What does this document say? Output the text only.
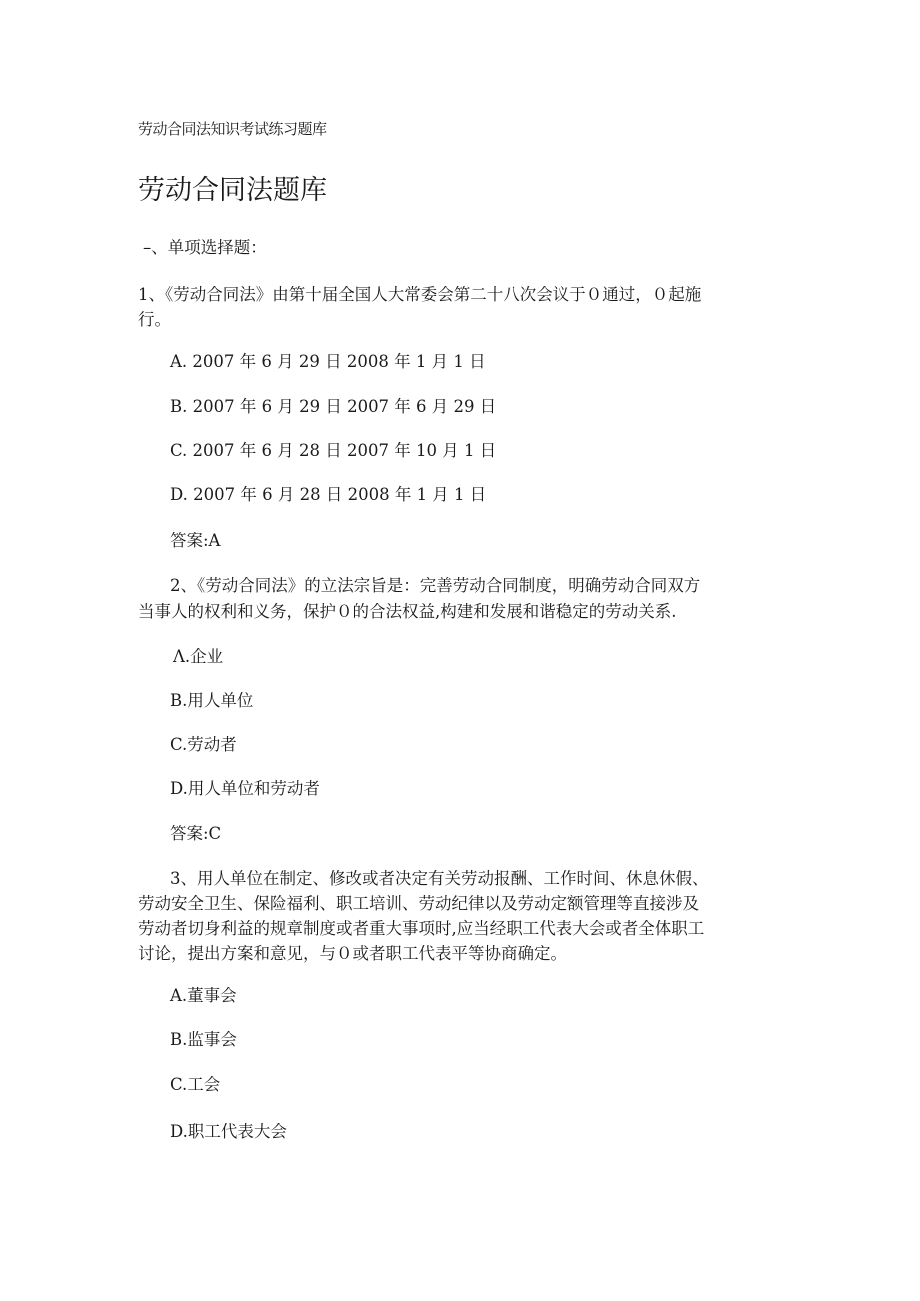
劳动合同法知识考试练习题库
劳动合同法题库
–、单项选择题：
1、《劳动合同法》由第十届全国人大常委会第二十八次会议于０通过，０起施
行。
A. 2007 年 6 月 29 日 2008 年 1 月 1 日
B. 2007 年 6 月 29 日 2007 年 6 月 29 日
C. 2007 年 6 月 28 日 2007 年 10 月 1 日
D. 2007 年 6 月 28 日 2008 年 1 月 1 日
答案:A
2、《劳动合同法》的立法宗旨是：完善劳动合同制度，明确劳动合同双方
当事人的权利和义务，保护０的合法权益,构建和发展和谐稳定的劳动关系.
Λ.企业
B.用人单位
C.劳动者
D.用人单位和劳动者
答案:C
3、用人单位在制定、修改或者决定有关劳动报酬、工作时间、休息休假、
劳动安全卫生、保险福利、职工培训、劳动纪律以及劳动定额管理等直接涉及
劳动者切身利益的规章制度或者重大事项时,应当经职工代表大会或者全体职工
讨论，提出方案和意见，与０或者职工代表平等协商确定。
A.董事会
B.监事会
C.工会
D.职工代表大会
